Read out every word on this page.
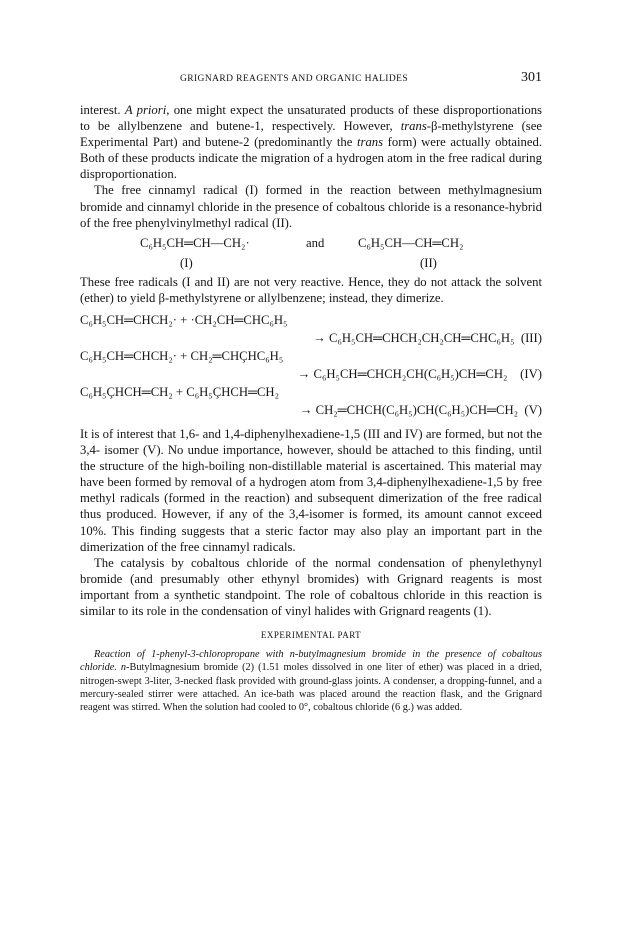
GRIGNARD REAGENTS AND ORGANIC HALIDES	301

interest. A priori, one might expect the unsaturated products of these disproportionations to be allylbenzene and butene-1, respectively. However, trans-β-methylstyrene (see Experimental Part) and butene-2 (predominantly the trans form) were actually obtained. Both of these products indicate the migration of a hydrogen atom in the free radical during disproportionation.

The free cinnamyl radical (I) formed in the reaction between methylmagnesium bromide and cinnamyl chloride in the presence of cobaltous chloride is a resonance-hybrid of the free phenylvinylmethyl radical (II).

C₆H₅CH═CH—CH₂·	and	C₆H₅CH—CH═CH₂
(I)	(II)

These free radicals (I and II) are not very reactive. Hence, they do not attack the solvent (ether) to yield β-methylstyrene or allylbenzene; instead, they dimerize.

C₆H₅CH═CHCH₂· + ·CH₂CH═CHC₆H₅
→ C₆H₅CH═CHCH₂CH₂CH═CHC₆H₅ (III)
C₆H₅CH═CHCH₂· + CH₂═CHÇHC₆H₅
→ C₆H₅CH═CHCH₂CH(C₆H₅)CH═CH₂ (IV)
C₆H₅ÇHCH═CH₂ + C₆H₅ÇHCH═CH₂
→ CH₂═CHCH(C₆H₅)CH(C₆H₅)CH═CH₂ (V)

It is of interest that 1,6- and 1,4-diphenylhexadiene-1,5 (III and IV) are formed, but not the 3,4- isomer (V). No undue importance, however, should be attached to this finding, until the structure of the high-boiling non-distillable material is ascertained. This material may have been formed by removal of a hydrogen atom from 3,4-diphenylhexadiene-1,5 by free methyl radicals (formed in the reaction) and subsequent dimerization of the free radical thus produced. However, if any of the 3,4-isomer is formed, its amount cannot exceed 10%. This finding suggests that a steric factor may also play an important part in the dimerization of the free cinnamyl radicals.

The catalysis by cobaltous chloride of the normal condensation of phenylethynyl bromide (and presumably other ethynyl bromides) with Grignard reagents is most important from a synthetic standpoint. The role of cobaltous chloride in this reaction is similar to its role in the condensation of vinyl halides with Grignard reagents (1).

EXPERIMENTAL PART

Reaction of 1-phenyl-3-chloropropane with n-butylmagnesium bromide in the presence of cobaltous chloride. n-Butylmagnesium bromide (2) (1.51 moles dissolved in one liter of ether) was placed in a dried, nitrogen-swept 3-liter, 3-necked flask provided with ground-glass joints. A condenser, a dropping-funnel, and a mercury-sealed stirrer were attached. An ice-bath was placed around the reaction flask, and the Grignard reagent was stirred. When the solution had cooled to 0°, cobaltous chloride (6 g.) was added.
